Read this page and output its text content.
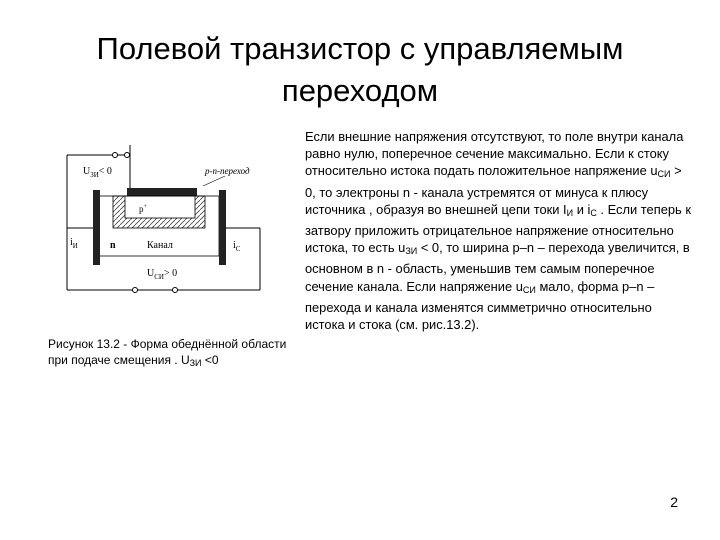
Полевой транзистор с управляемым
переходом
$U_{ЗИ}< 0$	p-n-переход
p+
n	Канал
$i_И$	$i_С$
$U_{СИ}> 0$
Рисунок 13.2 - Форма обеднённой области при подаче смещения . $U_{ЗИ} <0$
Если внешние напряжения отсутствуют, то поле внутри канала равно нулю, поперечное сечение максимально. Если к стоку относительно истока подать положительное напряжение $u_{СИ} > 0$, то электроны n - канала устремятся от минуса к плюсу источника , образуя во внешней цепи токи $I_И$ и $i_С$ . Если теперь к затвору приложить отрицательное напряжение относительно истока, то есть $u_{ЗИ} < 0$, то ширина p–n – перехода увеличится, в основном в n - область, уменьшив тем самым поперечное сечение канала. Если напряжение $u_{СИ}$ мало, форма p–n – перехода и канала изменятся симметрично относительно истока и стока (см. рис.13.2).
2
